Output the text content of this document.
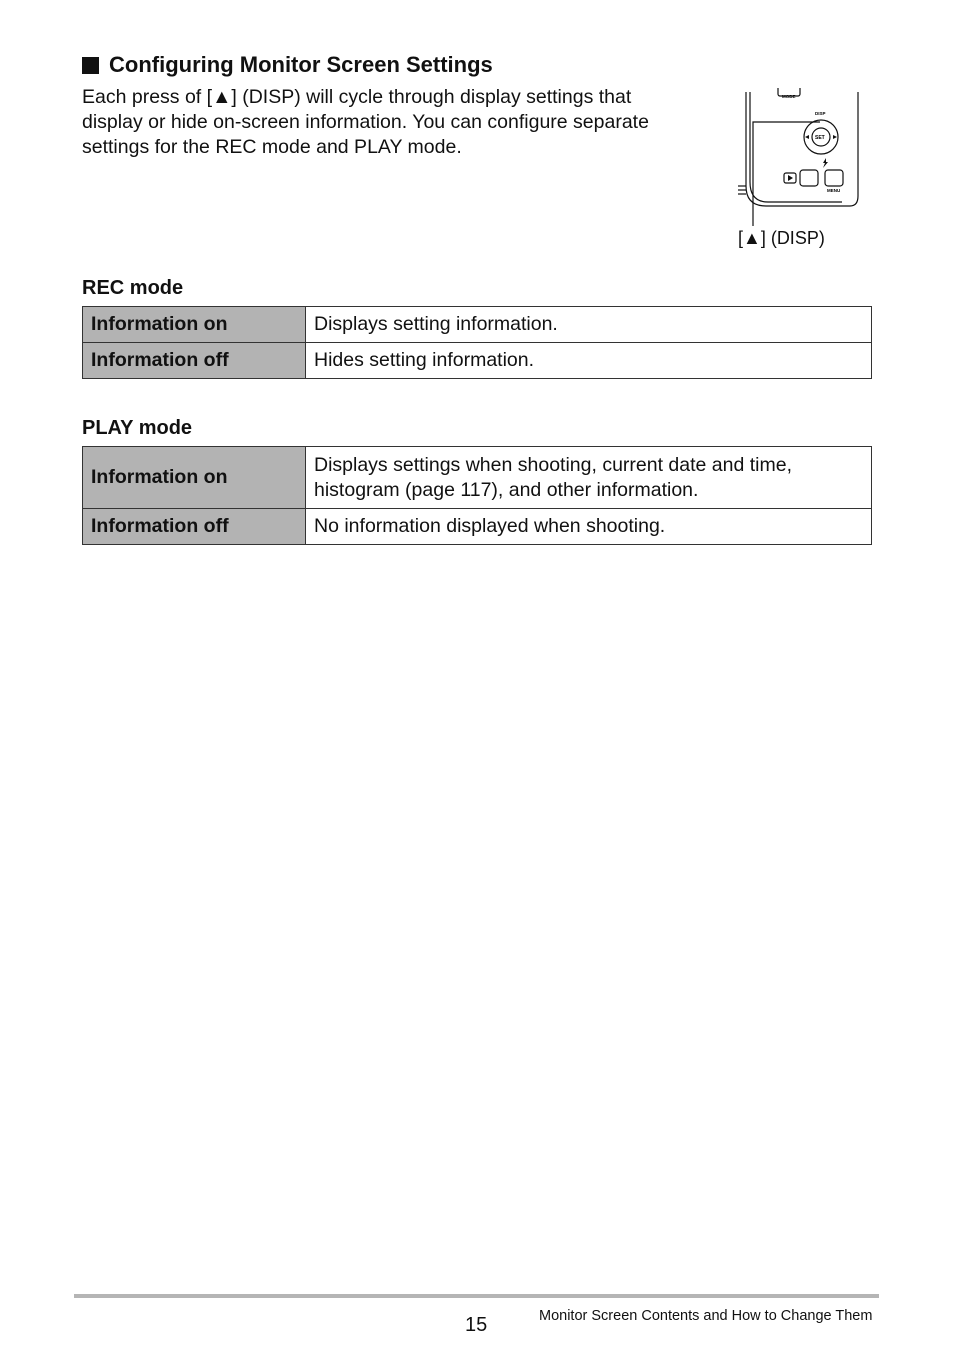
Configuring Monitor Screen Settings

Each press of [▲] (DISP) will cycle through display settings that

display or hide on-screen information. You can configure separate

settings for the REC mode and PLAY mode.

MODE
DISP
SET
MENU
[▲] (DISP)
REC mode
Information on	Displays setting information.
Information off	Hides setting information.
PLAY mode
Information on	Displays settings when shooting, current date and time,
histogram (page 117), and other information.

Information off	No information displayed when shooting.
15	Monitor Screen Contents and How to Change Them
